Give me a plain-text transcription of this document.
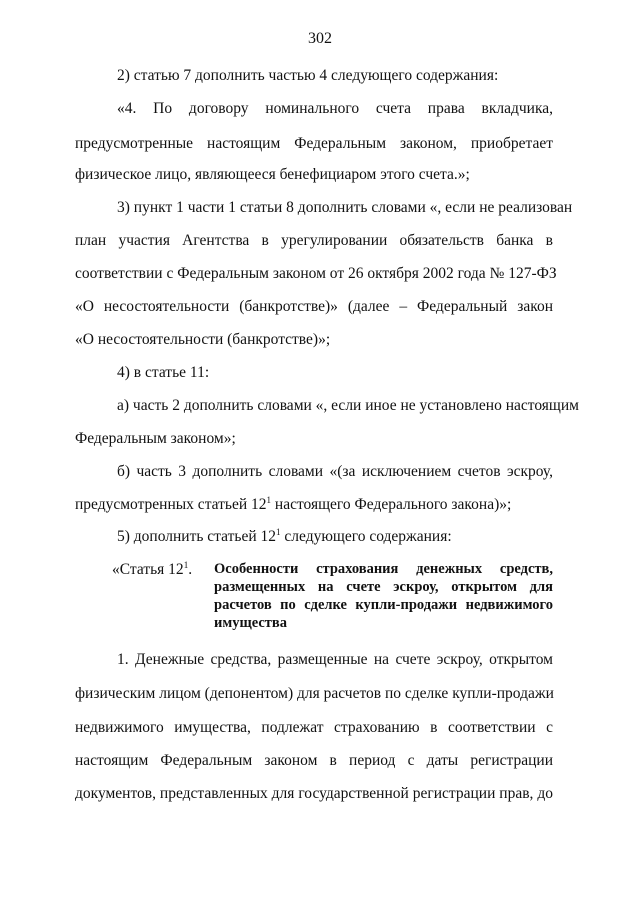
302
2) статью 7 дополнить частью 4 следующего содержания:
«4. По договору номинального счета права вкладчика,
предусмотренные настоящим Федеральным законом, приобретает
физическое лицо, являющееся бенефициаром этого счета.»;
3) пункт 1 части 1 статьи 8 дополнить словами «, если не реализован
план участия Агентства в урегулировании обязательств банка в
соответствии с Федеральным законом от 26 октября 2002 года № 127-ФЗ
«О несостоятельности (банкротстве)» (далее – Федеральный закон
«О несостоятельности (банкротстве)»;
4) в статье 11:
а) часть 2 дополнить словами «, если иное не установлено настоящим
Федеральным законом»;
б) часть 3 дополнить словами «(за исключением счетов эскроу,
предусмотренных статьей $12^1$ настоящего Федерального закона)»;
5) дополнить статьей $12^1$ следующего содержания:
«Статья $12^1$. Особенности страхования денежных средств,
размещенных на счете эскроу, открытом для
расчетов по сделке купли-продажи недвижимого
имущества
1. Денежные средства, размещенные на счете эскроу, открытом
физическим лицом (депонентом) для расчетов по сделке купли-продажи
недвижимого имущества, подлежат страхованию в соответствии с
настоящим Федеральным законом в период с даты регистрации
документов, представленных для государственной регистрации прав, до
